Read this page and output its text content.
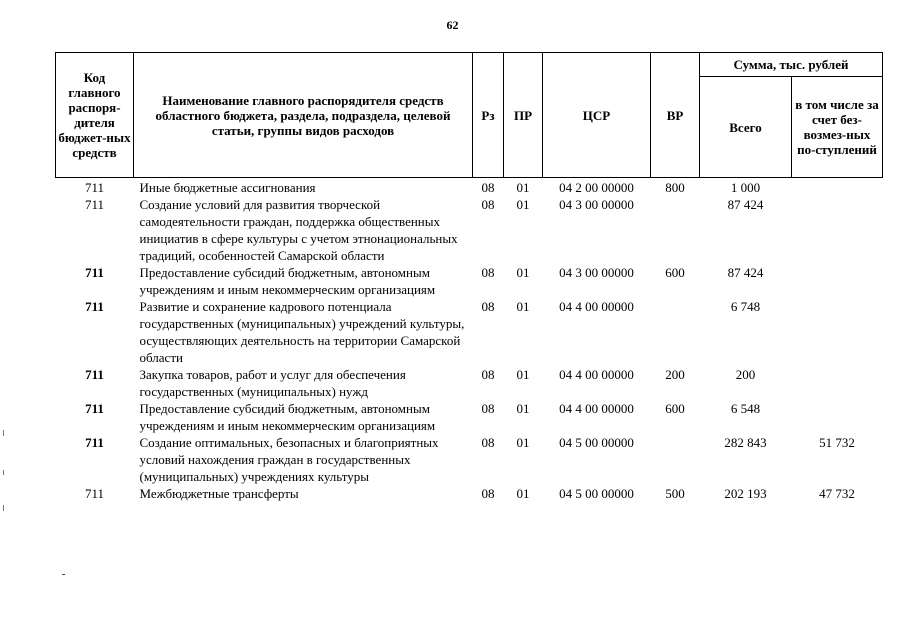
62
Код главного распоря-дителя бюджет-ных средств	Наименование главного распорядителя средств областного бюджета, раздела, подраздела, целевой статьи, группы видов расходов	Рз	ПР	ЦСР	ВР	Сумма, тыс. рублей	
						Всего	в том числе за счет без-возмез-ных по-ступлений
711	Иные бюджетные ассигнования	08	01	04 2 00 00000	800	1 000	
711	Создание условий для развития творческой самодеятельности граждан, поддержка общественных инициатив в сфере культуры с учетом этнонациональных традиций, особенностей Самарской области	08	01	04 3 00 00000		87 424	
711	Предоставление субсидий бюджетным, автономным учреждениям и иным некоммерческим организациям	08	01	04 3 00 00000	600	87 424	
711	Развитие и сохранение кадрового потенциала государственных (муниципальных) учреждений культуры, осуществляющих деятельность на территории Самарской области	08	01	04 4 00 00000		6 748	
711	Закупка товаров, работ и услуг для обеспечения государственных (муниципальных) нужд	08	01	04 4 00 00000	200	200	
711	Предоставление субсидий бюджетным, автономным учреждениям и иным некоммерческим организациям	08	01	04 4 00 00000	600	6 548	
711	Создание оптимальных, безопасных и благоприятных условий нахождения граждан в государственных (муниципальных) учреждениях культуры	08	01	04 5 00 00000		282 843	51 732
711	Межбюджетные трансферты	08	01	04 5 00 00000	500	202 193	47 732
